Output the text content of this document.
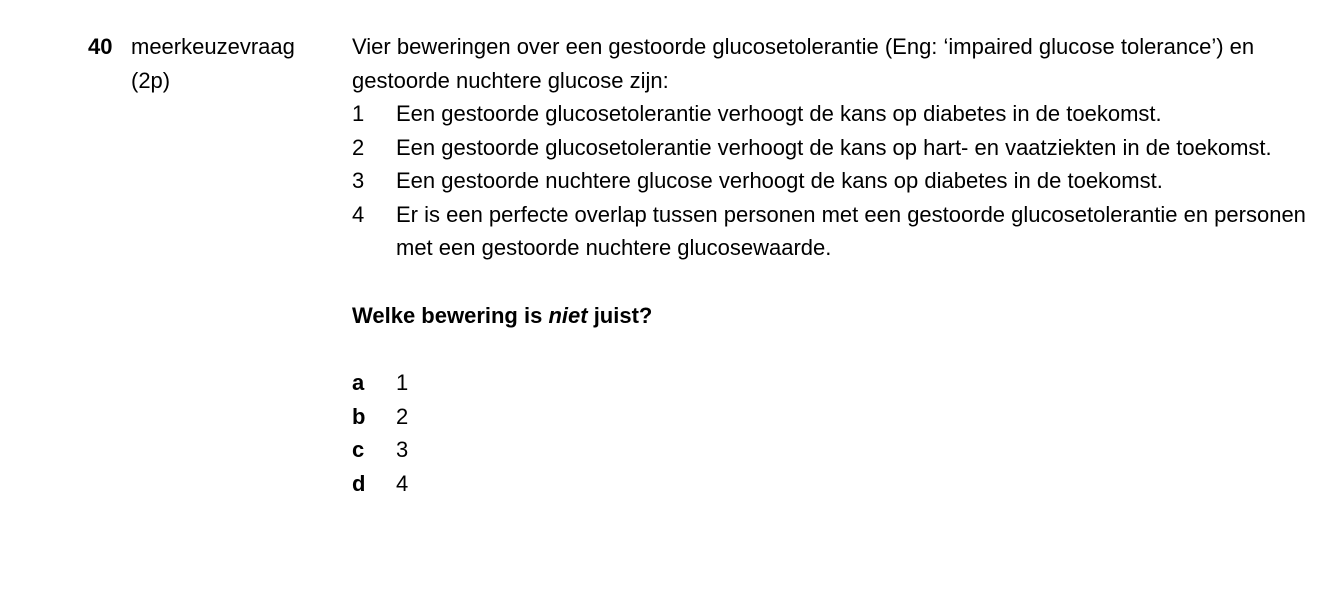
40 meerkeuzevraag
(2p)

Vier beweringen over een gestoorde glucosetolerantie (Eng: ‘impaired glucose tolerance’) en gestoorde nuchtere glucose zijn:

1	Een gestoorde glucosetolerantie verhoogt de kans op diabetes in de toekomst.
2	Een gestoorde glucosetolerantie verhoogt de kans op hart- en vaatziekten in de toekomst.
3	Een gestoorde nuchtere glucose verhoogt de kans op diabetes in de toekomst.
4	Er is een perfecte overlap tussen personen met een gestoorde glucosetolerantie en personen met een gestoorde nuchtere glucosewaarde.
Welke bewering is niet juist?
a	1
b	2
c	3
d	4
